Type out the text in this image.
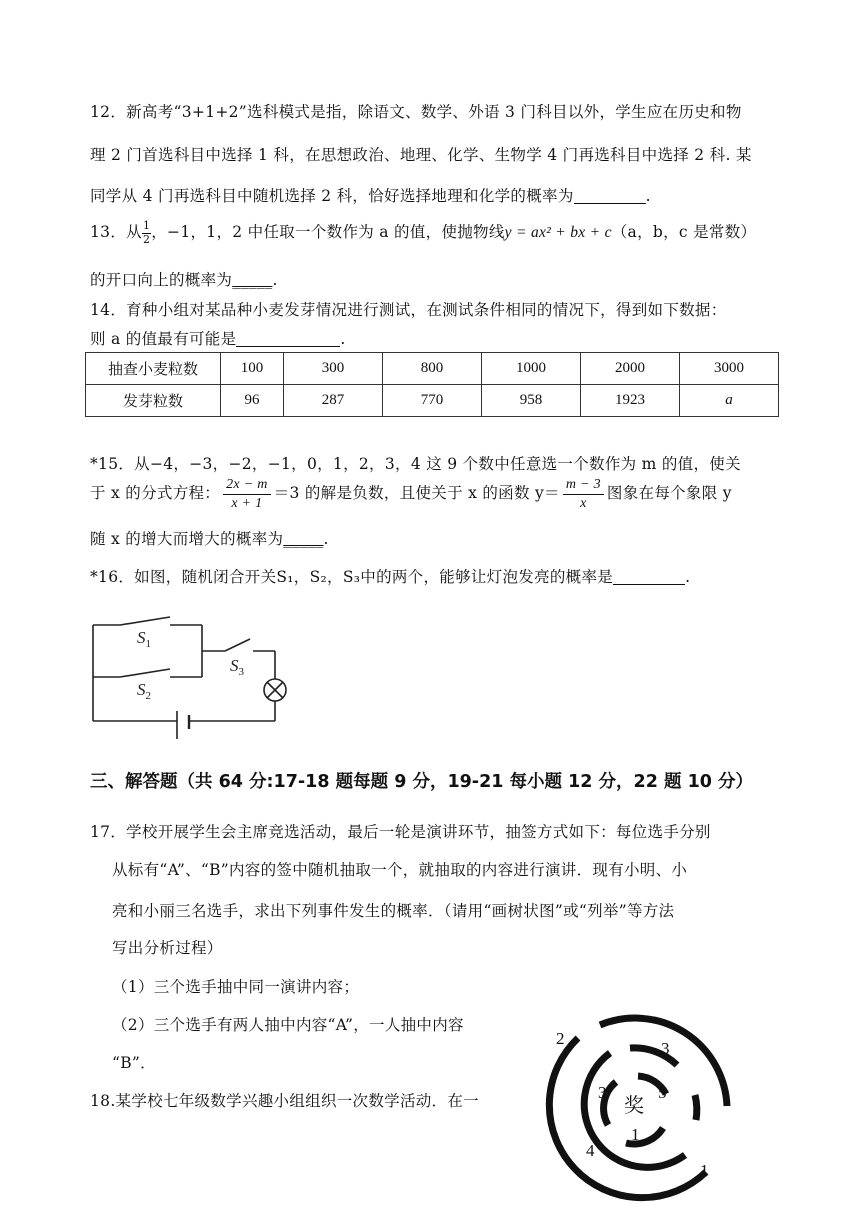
12．新高考“3+1+2”选科模式是指，除语文、数学、外语 3 门科目以外，学生应在历史和物
理 2 门首选科目中选择 1 科，在思想政治、地理、化学、生物学 4 门再选科目中选择 2 科. 某
同学从 4 门再选科目中随机选择 2 科，恰好选择地理和化学的概率为	.
13．从 $\frac{1}{2}$ ，−1，1，2 中任取一个数作为 a 的值，使抛物线y = ax² + bx + c（a，b，c 是常数）
的开口向上的概率为_____.
14．育种小组对某品种小麦发芽情况进行测试，在测试条件相同的情况下，得到如下数据：
则 a 的值最有可能是	.
抽查小麦粒数	100	300	800	1000	2000	3000
发芽粒数	96	287	770	958	1923	a
*15．从−4，−3，−2，−1，0，1，2，3，4 这 9 个数中任意选一个数作为 m 的值，使关
于 x 的分式方程： $\frac{2x - m}{x + 1} =3$ 的解是负数，且使关于 x 的函数 $y= \frac{m - 3}{x}$ 图象在每个象限 y
随 x 的增大而增大的概率为_____.
*16．如图，随机闭合开关S₁，S₂，S₃中的两个，能够让灯泡发亮的概率是	.
$S_1$
$S_2$
$S_3$
三、解答题（共 64 分:17-18 题每题 9 分，19-21 每小题 12 分，22 题 10 分）
17．学校开展学生会主席竞选活动，最后一轮是演讲环节，抽签方式如下：每位选手分别
从标有“A”、“B”内容的签中随机抽取一个，就抽取的内容进行演讲．现有小明、小
亮和小丽三名选手，求出下列事件发生的概率．（请用“画树状图”或“列举”等方法
写出分析过程）
（1）三个选手抽中同一演讲内容；
（2）三个选手有两人抽中内容“A”，一人抽中内容
“B”．
18.某学校七年级数学兴趣小组组织一次数学活动．在一	奖
2
3
3	5
1
4
1
